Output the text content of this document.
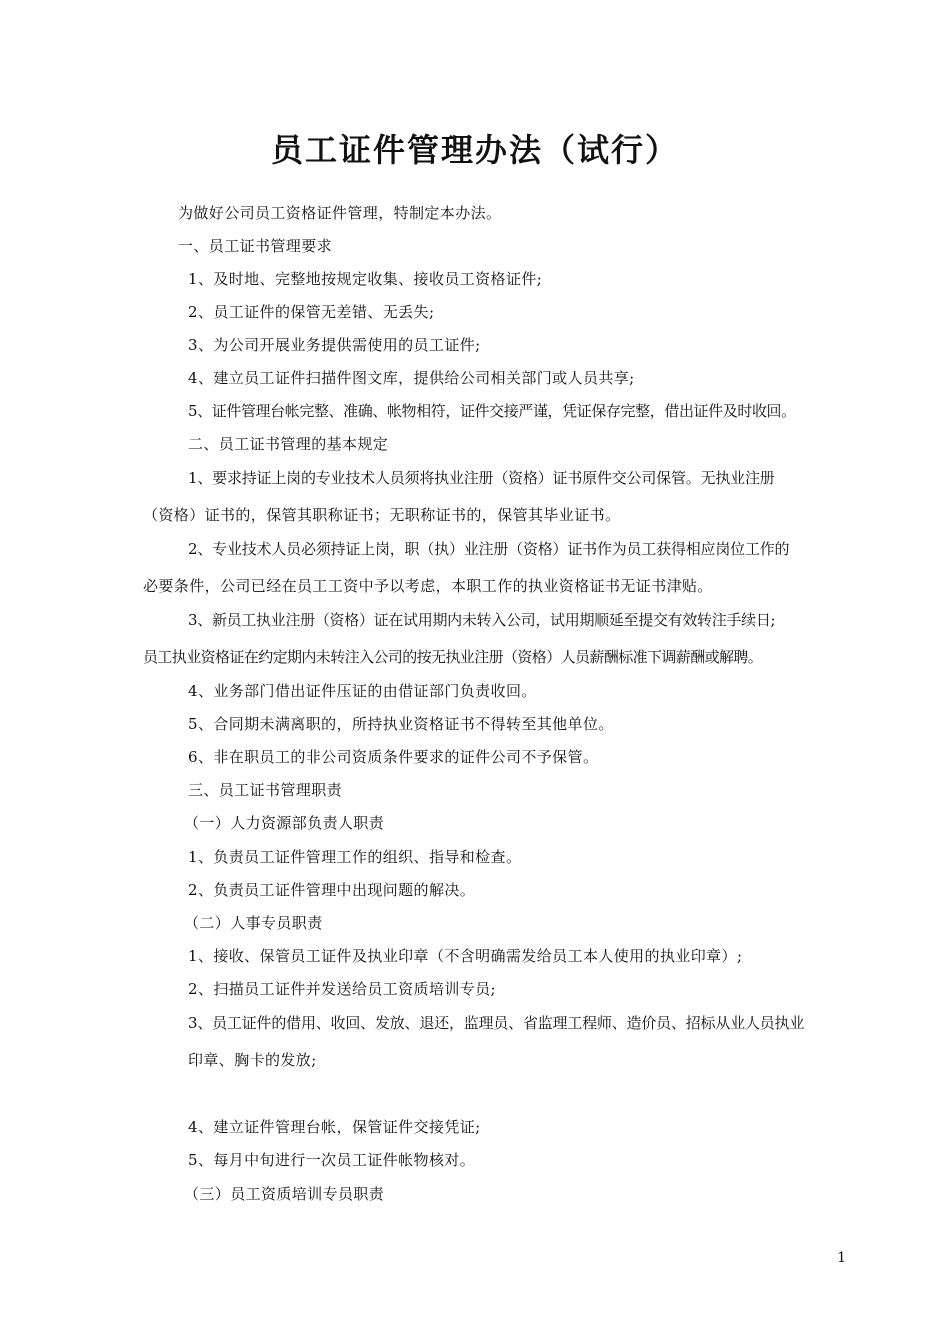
员工证件管理办法（试行）
为做好公司员工资格证件管理，特制定本办法。
一、员工证书管理要求
1、及时地、完整地按规定收集、接收员工资格证件;
2、员工证件的保管无差错、无丢失;
3、为公司开展业务提供需使用的员工证件;
4、建立员工证件扫描件图文库，提供给公司相关部门或人员共享;
5、证件管理台帐完整、准确、帐物相符，证件交接严谨，凭证保存完整，借出证件及时收回。
二、员工证书管理的基本规定
1、要求持证上岗的专业技术人员须将执业注册（资格）证书原件交公司保管。无执业注册
（资格）证书的，保管其职称证书；无职称证书的，保管其毕业证书。
2、专业技术人员必须持证上岗，职（执）业注册（资格）证书作为员工获得相应岗位工作的
必要条件，公司已经在员工工资中予以考虑，本职工作的执业资格证书无证书津贴。
3、新员工执业注册（资格）证在试用期内未转入公司，试用期顺延至提交有效转注手续日;
员工执业资格证在约定期内未转注入公司的按无执业注册（资格）人员薪酬标准下调薪酬或解聘。
4、业务部门借出证件压证的由借证部门负责收回。
5、合同期未满离职的，所持执业资格证书不得转至其他单位。
6、非在职员工的非公司资质条件要求的证件公司不予保管。
三、员工证书管理职责
（一）人力资源部负责人职责
1、负责员工证件管理工作的组织、指导和检查。
2、负责员工证件管理中出现问题的解决。
（二）人事专员职责
1、接收、保管员工证件及执业印章（不含明确需发给员工本人使用的执业印章）;
2、扫描员工证件并发送给员工资质培训专员;
3、员工证件的借用、收回、发放、退还，监理员、省监理工程师、造价员、招标从业人员执业
印章、胸卡的发放;
4、建立证件管理台帐，保管证件交接凭证;
5、每月中旬进行一次员工证件帐物核对。
（三）员工资质培训专员职责
1
